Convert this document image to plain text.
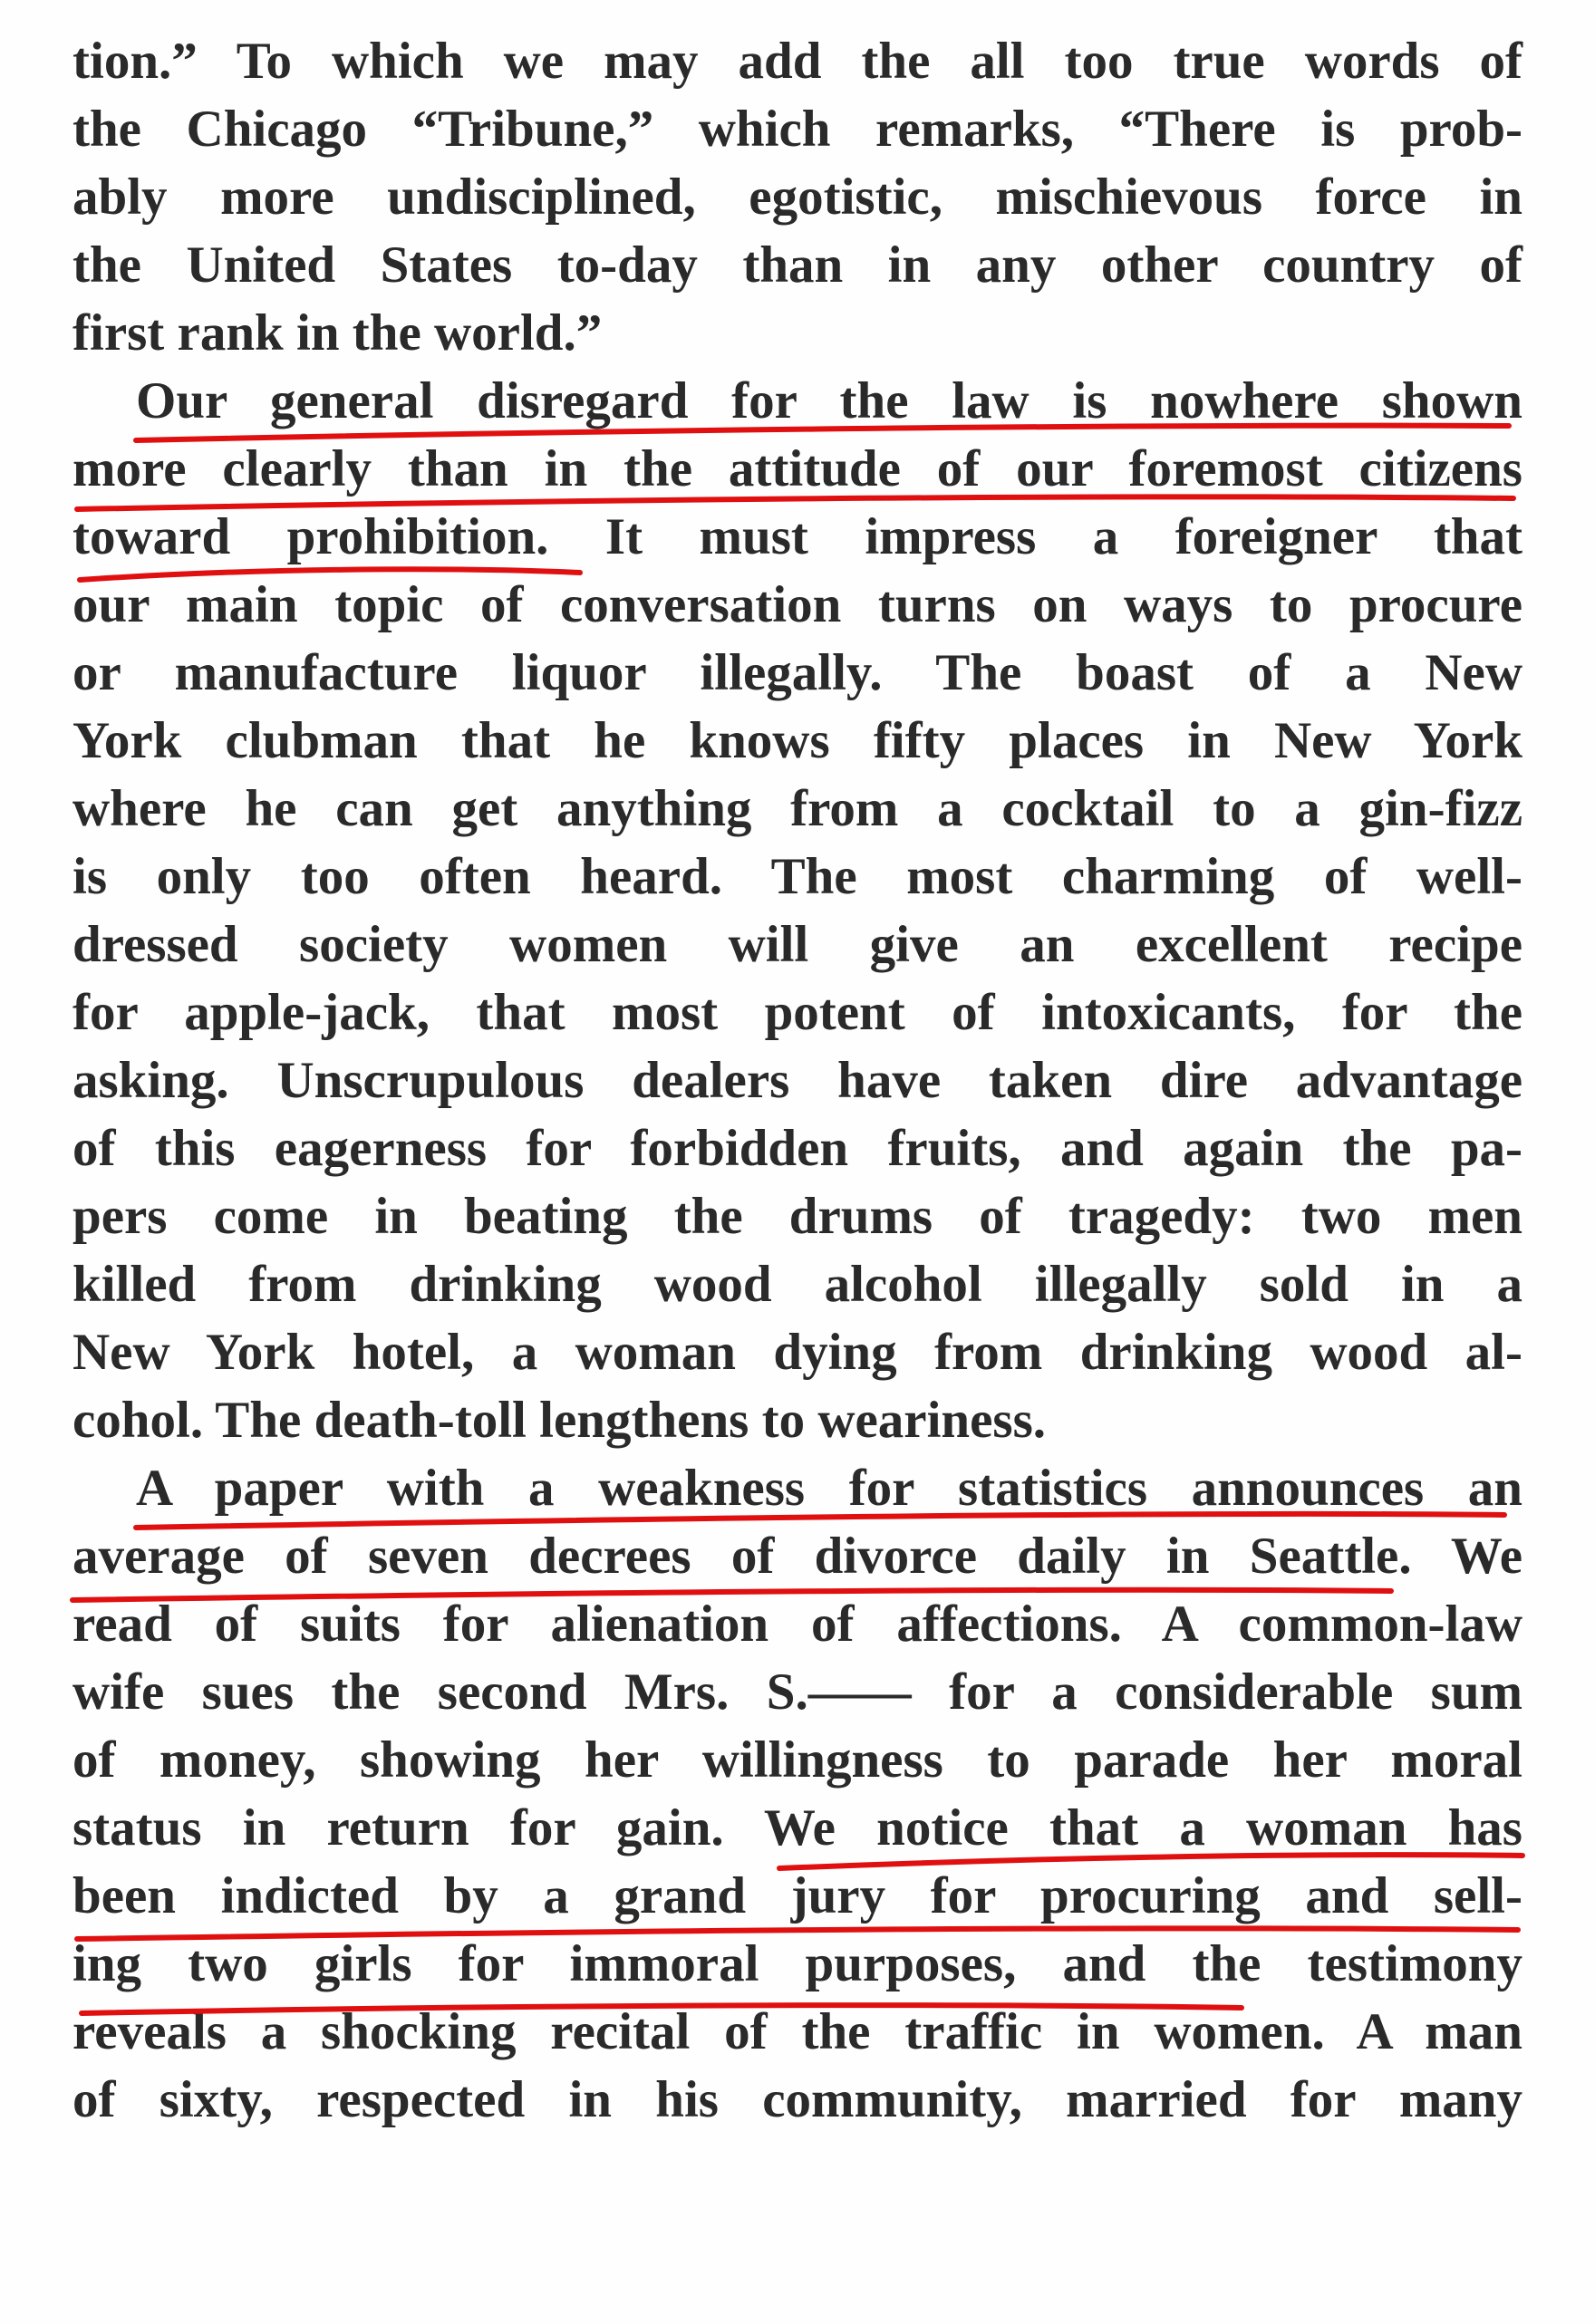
tion.” To which we may add the all too true words of
the Chicago “Tribune,” which remarks, “There is prob-
ably more undisciplined, egotistic, mischievous force in
the United States to-day than in any other country of
first rank in the world.”
Our general disregard for the law is nowhere shown
more clearly than in the attitude of our foremost citizens
toward prohibition. It must impress a foreigner that
our main topic of conversation turns on ways to procure
or manufacture liquor illegally. The boast of a New
York clubman that he knows fifty places in New York
where he can get anything from a cocktail to a gin-fizz
is only too often heard. The most charming of well-
dressed society women will give an excellent recipe
for apple-jack, that most potent of intoxicants, for the
asking. Unscrupulous dealers have taken dire advantage
of this eagerness for forbidden fruits, and again the pa-
pers come in beating the drums of tragedy: two men
killed from drinking wood alcohol illegally sold in a
New York hotel, a woman dying from drinking wood al-
cohol. The death-toll lengthens to weariness.
A paper with a weakness for statistics announces an
average of seven decrees of divorce daily in Seattle. We
read of suits for alienation of affections. A common-law
wife sues the second Mrs. S.—— for a considerable sum
of money, showing her willingness to parade her moral
status in return for gain. We notice that a woman has
been indicted by a grand jury for procuring and sell-
ing two girls for immoral purposes, and the testimony
reveals a shocking recital of the traffic in women. A man
of sixty, respected in his community, married for many
